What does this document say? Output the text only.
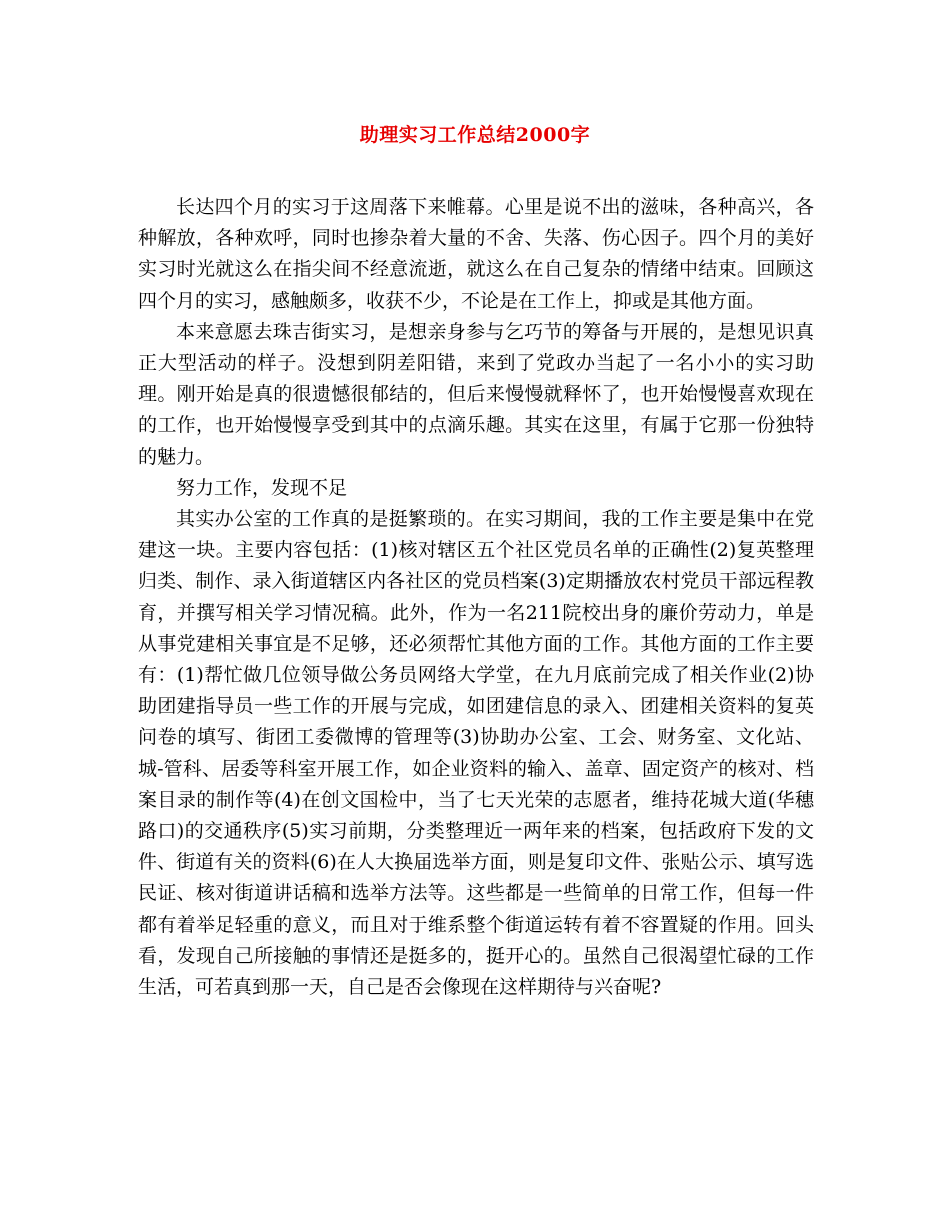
助理实习工作总结2000字

长达四个月的实习于这周落下来帷幕。心里是说不出的滋味，各种高兴，各种解放，各种欢呼，同时也掺杂着大量的不舍、失落、伤心因子。四个月的美好实习时光就这么在指尖间不经意流逝，就这么在自己复杂的情绪中结束。回顾这四个月的实习，感触颇多，收获不少，不论是在工作上，抑或是其他方面。

本来意愿去珠吉街实习，是想亲身参与乞巧节的筹备与开展的，是想见识真正大型活动的样子。没想到阴差阳错，来到了党政办当起了一名小小的实习助理。刚开始是真的很遗憾很郁结的，但后来慢慢就释怀了，也开始慢慢喜欢现在的工作，也开始慢慢享受到其中的点滴乐趣。其实在这里，有属于它那一份独特的魅力。

努力工作，发现不足

其实办公室的工作真的是挺繁琐的。在实习期间，我的工作主要是集中在党建这一块。主要内容包括：(1)核对辖区五个社区党员名单的正确性(2)复英整理归类、制作、录入街道辖区内各社区的党员档案(3)定期播放农村党员干部远程教育，并撰写相关学习情况稿。此外，作为一名211院校出身的廉价劳动力，单是从事党建相关事宜是不足够，还必须帮忙其他方面的工作。其他方面的工作主要有：(1)帮忙做几位领导做公务员网络大学堂，在九月底前完成了相关作业(2)协助团建指导员一些工作的开展与完成，如团建信息的录入、团建相关资料的复英问卷的填写、街团工委微博的管理等(3)协助办公室、工会、财务室、文化站、城-管科、居委等科室开展工作，如企业资料的输入、盖章、固定资产的核对、档案目录的制作等(4)在创文国检中，当了七天光荣的志愿者，维持花城大道(华穗路口)的交通秩序(5)实习前期，分类整理近一两年来的档案，包括政府下发的文件、街道有关的资料(6)在人大换届选举方面，则是复印文件、张贴公示、填写选民证、核对街道讲话稿和选举方法等。这些都是一些简单的日常工作，但每一件都有着举足轻重的意义，而且对于维系整个街道运转有着不容置疑的作用。回头看，发现自己所接触的事情还是挺多的，挺开心的。虽然自己很渴望忙碌的工作生活，可若真到那一天，自己是否会像现在这样期待与兴奋呢?
